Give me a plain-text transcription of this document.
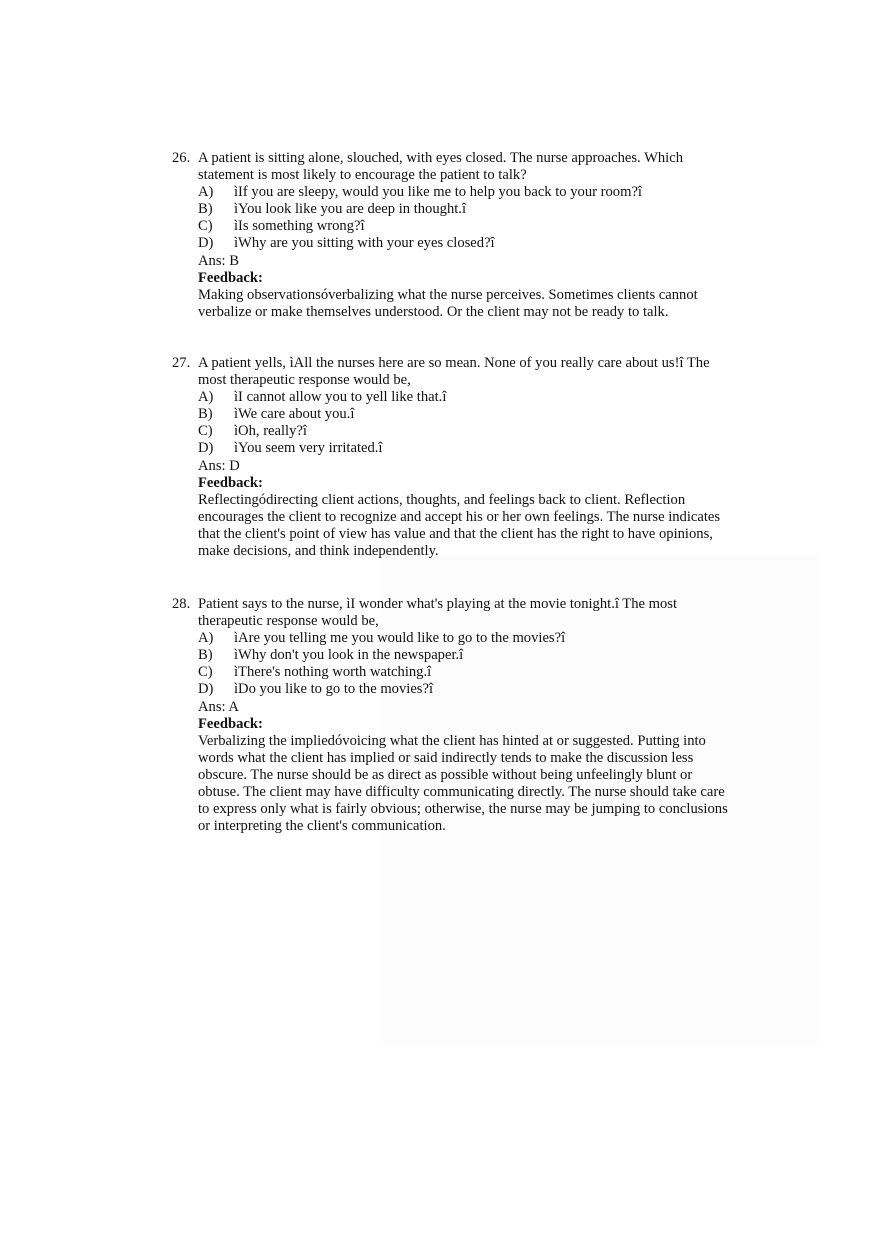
26. A patient is sitting alone, slouched, with eyes closed. The nurse approaches. Which statement is most likely to encourage the patient to talk?

A)	ìIf you are sleepy, would you like me to help you back to your room?î
B)	ìYou look like you are deep in thought.î
C)	ìIs something wrong?î
D)	ìWhy are you sitting with your eyes closed?î

Ans: B

Feedback:

Making observationsóverbalizing what the nurse perceives. Sometimes clients cannot verbalize or make themselves understood. Or the client may not be ready to talk.

27. A patient yells, ìAll the nurses here are so mean. None of you really care about us!î The most therapeutic response would be,

A)	ìI cannot allow you to yell like that.î
B)	ìWe care about you.î
C)	ìOh, really?î
D)	ìYou seem very irritated.î

Ans: D

Feedback:

Reflectingódirecting client actions, thoughts, and feelings back to client. Reflection encourages the client to recognize and accept his or her own feelings. The nurse indicates that the client's point of view has value and that the client has the right to have opinions, make decisions, and think independently.

28. Patient says to the nurse, ìI wonder what's playing at the movie tonight.î The most therapeutic response would be,

A)	ìAre you telling me you would like to go to the movies?î
B)	ìWhy don't you look in the newspaper.î
C)	ìThere's nothing worth watching.î
D)	ìDo you like to go to the movies?î

Ans: A

Feedback:

Verbalizing the impliedóvoicing what the client has hinted at or suggested. Putting into words what the client has implied or said indirectly tends to make the discussion less obscure. The nurse should be as direct as possible without being unfeelingly blunt or obtuse. The client may have difficulty communicating directly. The nurse should take care to express only what is fairly obvious; otherwise, the nurse may be jumping to conclusions or interpreting the client's communication.
